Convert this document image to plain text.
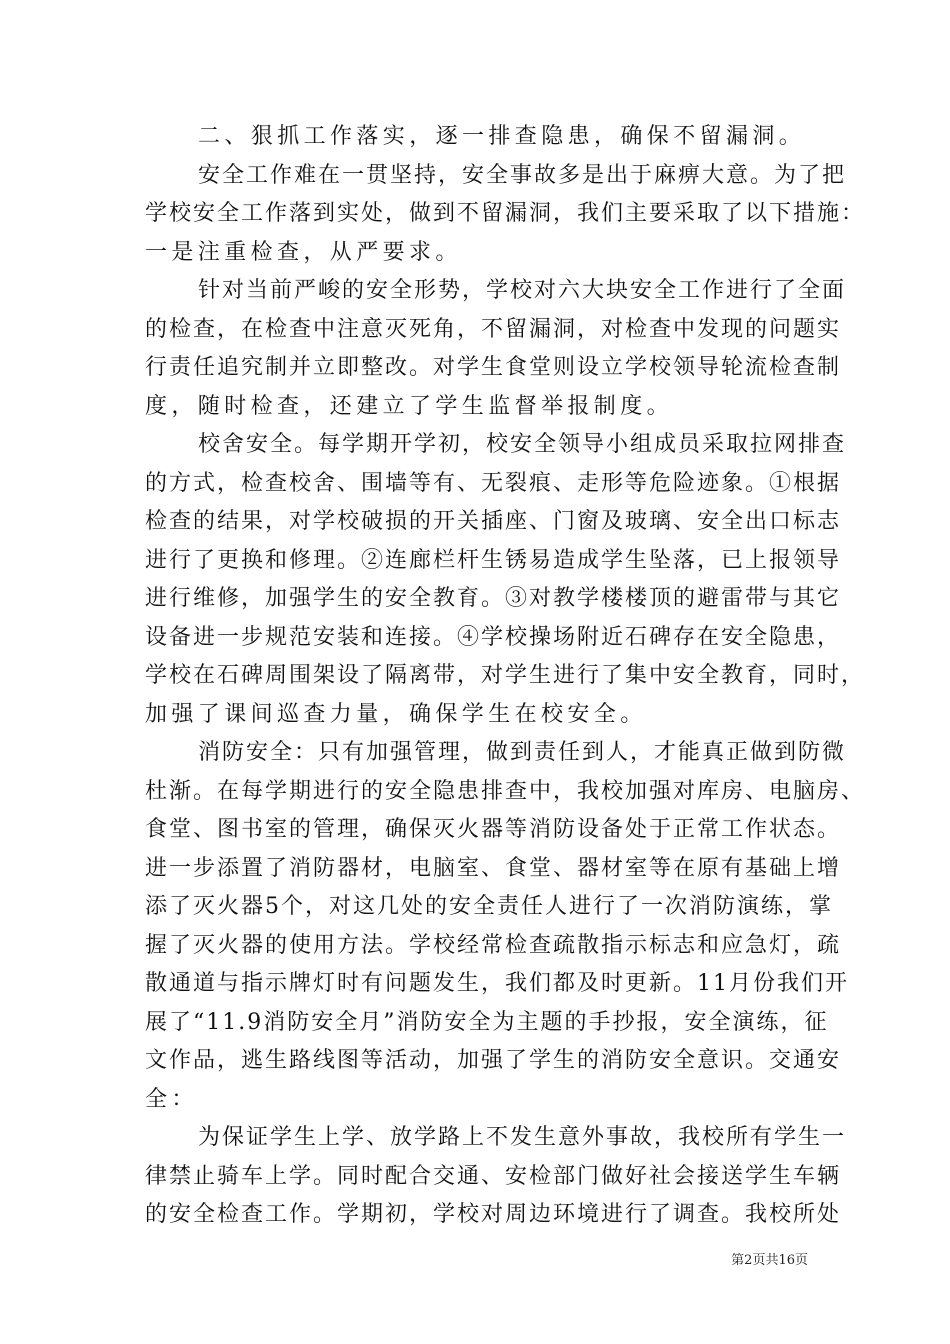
二、狠抓工作落实，逐一排查隐患，确保不留漏洞。
安全工作难在一贯坚持，安全事故多是出于麻痹大意。为了把
学校安全工作落到实处，做到不留漏洞，我们主要采取了以下措施：
一是注重检查，从严要求。
针对当前严峻的安全形势，学校对六大块安全工作进行了全面
的检查，在检查中注意灭死角，不留漏洞，对检查中发现的问题实
行责任追究制并立即整改。对学生食堂则设立学校领导轮流检查制
度，随时检查，还建立了学生监督举报制度。
校舍安全。每学期开学初，校安全领导小组成员采取拉网排查
的方式，检查校舍、围墙等有、无裂痕、走形等危险迹象。①根据
检查的结果，对学校破损的开关插座、门窗及玻璃、安全出口标志
进行了更换和修理。②连廊栏杆生锈易造成学生坠落，已上报领导
进行维修，加强学生的安全教育。③对教学楼楼顶的避雷带与其它
设备进一步规范安装和连接。④学校操场附近石碑存在安全隐患，
学校在石碑周围架设了隔离带，对学生进行了集中安全教育，同时，
加强了课间巡查力量，确保学生在校安全。
消防安全：只有加强管理，做到责任到人，才能真正做到防微
杜渐。在每学期进行的安全隐患排查中，我校加强对库房、电脑房、
食堂、图书室的管理，确保灭火器等消防设备处于正常工作状态。
进一步添置了消防器材，电脑室、食堂、器材室等在原有基础上增
添了灭火器5个，对这几处的安全责任人进行了一次消防演练，掌
握了灭火器的使用方法。学校经常检查疏散指示标志和应急灯，疏
散通道与指示牌灯时有问题发生，我们都及时更新。11月份我们开
展了“11.9消防安全月”消防安全为主题的手抄报，安全演练，征
文作品，逃生路线图等活动，加强了学生的消防安全意识。交通安
全：
为保证学生上学、放学路上不发生意外事故，我校所有学生一
律禁止骑车上学。同时配合交通、安检部门做好社会接送学生车辆
的安全检查工作。学期初，学校对周边环境进行了调查。我校所处
第2页共16页
